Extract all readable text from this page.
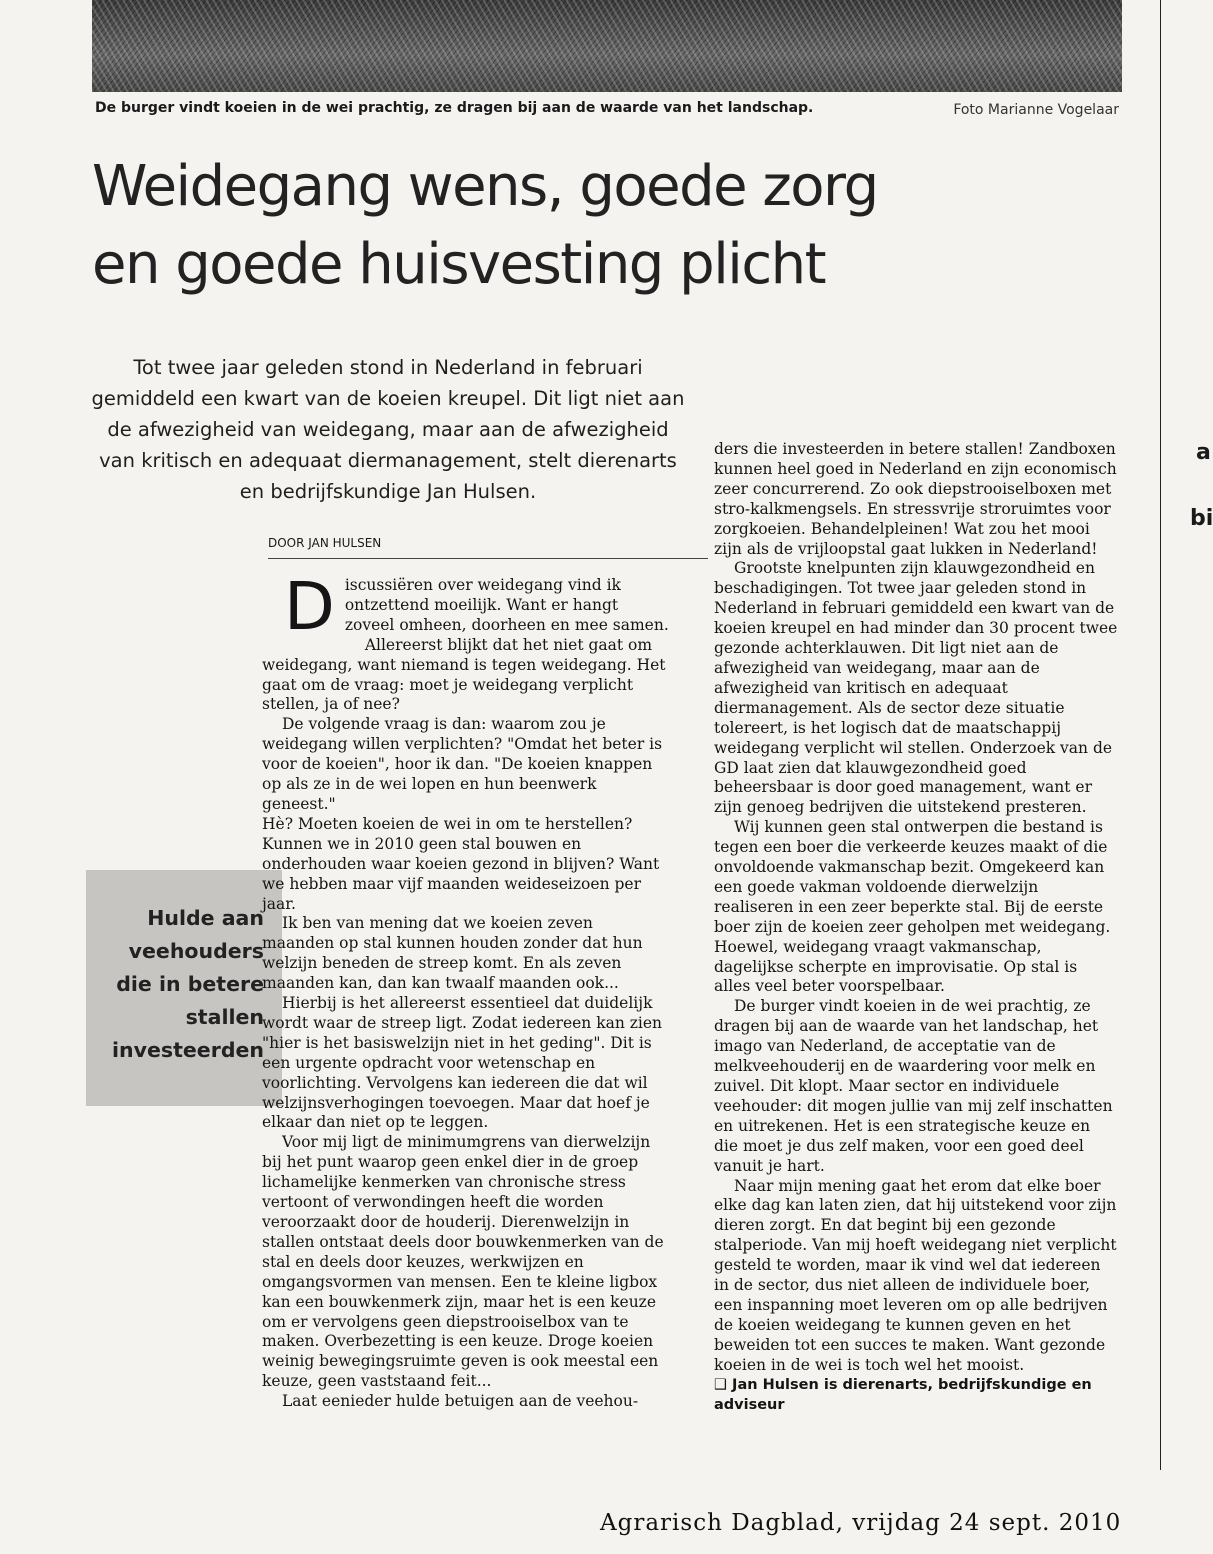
De burger vindt koeien in de wei prachtig, ze dragen bij aan de waarde van het landschap.	Foto Marianne Vogelaar
Weidegang wens, goede zorg
en goede huisvesting plicht

Tot twee jaar geleden stond in Nederland in februari gemiddeld een kwart van de koeien kreupel. Dit ligt niet aan de afwezigheid van weidegang, maar aan de afwezigheid van kritisch en adequaat diermanagement, stelt dierenarts en bedrijfskundige Jan Hulsen.

DOOR JAN HULSEN
Hulde aan veehouders die in betere stallen investeerden

Discussiëren over weidegang vind ik ontzettend moeilijk. Want er hangt zoveel omheen, doorheen en mee samen.

Allereerst blijkt dat het niet gaat om weidegang, want niemand is tegen weidegang. Het gaat om de vraag: moet je weidegang verplicht stellen, ja of nee?

De volgende vraag is dan: waarom zou je weidegang willen verplichten? "Omdat het beter is voor de koeien", hoor ik dan. "De koeien knappen op als ze in de wei lopen en hun beenwerk geneest."

Hè? Moeten koeien de wei in om te herstellen? Kunnen we in 2010 geen stal bouwen en onderhouden waar koeien gezond in blijven? Want we hebben maar vijf maanden weideseizoen per jaar.

Ik ben van mening dat we koeien zeven maanden op stal kunnen houden zonder dat hun welzijn beneden de streep komt. En als zeven maanden kan, dan kan twaalf maanden ook...

Hierbij is het allereerst essentieel dat duidelijk wordt waar de streep ligt. Zodat iedereen kan zien "hier is het basiswelzijn niet in het geding". Dit is een urgente opdracht voor wetenschap en voorlichting. Vervolgens kan iedereen die dat wil welzijnsverhogingen toevoegen. Maar dat hoef je elkaar dan niet op te leggen.

Voor mij ligt de minimumgrens van dierwelzijn bij het punt waarop geen enkel dier in de groep lichamelijke kenmerken van chronische stress vertoont of verwondingen heeft die worden veroorzaakt door de houderij. Dierenwelzijn in stallen ontstaat deels door bouwkenmerken van de stal en deels door keuzes, werkwijzen en omgangsvormen van mensen. Een te kleine ligbox kan een bouwkenmerk zijn, maar het is een keuze om er vervolgens geen diepstrooiselbox van te maken. Overbezetting is een keuze. Droge koeien weinig bewegingsruimte geven is ook meestal een keuze, geen vaststaand feit...

Laat eenieder hulde betuigen aan de veehou-

ders die investeerden in betere stallen! Zandboxen kunnen heel goed in Nederland en zijn economisch zeer concurrerend. Zo ook diepstrooiselboxen met stro-kalkmengsels. En stressvrije stroruimtes voor zorgkoeien. Behandelpleinen! Wat zou het mooi zijn als de vrijloopstal gaat lukken in Nederland!

Grootste knelpunten zijn klauwgezondheid en beschadigingen. Tot twee jaar geleden stond in Nederland in februari gemiddeld een kwart van de koeien kreupel en had minder dan 30 procent twee gezonde achterklauwen. Dit ligt niet aan de afwezigheid van weidegang, maar aan de afwezigheid van kritisch en adequaat diermanagement. Als de sector deze situatie tolereert, is het logisch dat de maatschappij weidegang verplicht wil stellen. Onderzoek van de GD laat zien dat klauwgezondheid goed beheersbaar is door goed management, want er zijn genoeg bedrijven die uitstekend presteren.

Wij kunnen geen stal ontwerpen die bestand is tegen een boer die verkeerde keuzes maakt of die onvoldoende vakmanschap bezit. Omgekeerd kan een goede vakman voldoende dierwelzijn realiseren in een zeer beperkte stal. Bij de eerste boer zijn de koeien zeer geholpen met weidegang. Hoewel, weidegang vraagt vakmanschap, dagelijkse scherpte en improvisatie. Op stal is alles veel beter voorspelbaar.

De burger vindt koeien in de wei prachtig, ze dragen bij aan de waarde van het landschap, het imago van Nederland, de acceptatie van de melkveehouderij en de waardering voor melk en zuivel. Dit klopt. Maar sector en individuele veehouder: dit mogen jullie van mij zelf inschatten en uitrekenen. Het is een strategische keuze en die moet je dus zelf maken, voor een goed deel vanuit je hart.

Naar mijn mening gaat het erom dat elke boer elke dag kan laten zien, dat hij uitstekend voor zijn dieren zorgt. En dat begint bij een gezonde stalperiode. Van mij hoeft weidegang niet verplicht gesteld te worden, maar ik vind wel dat iedereen in de sector, dus niet alleen de individuele boer, een inspanning moet leveren om op alle bedrijven de koeien weidegang te kunnen geven en het beweiden tot een succes te maken. Want gezonde koeien in de wei is toch wel het mooist.

❑ Jan Hulsen is dierenarts, bedrijfskundige en adviseur

a
bi
Agrarisch Dagblad, vrijdag 24 sept. 2010
